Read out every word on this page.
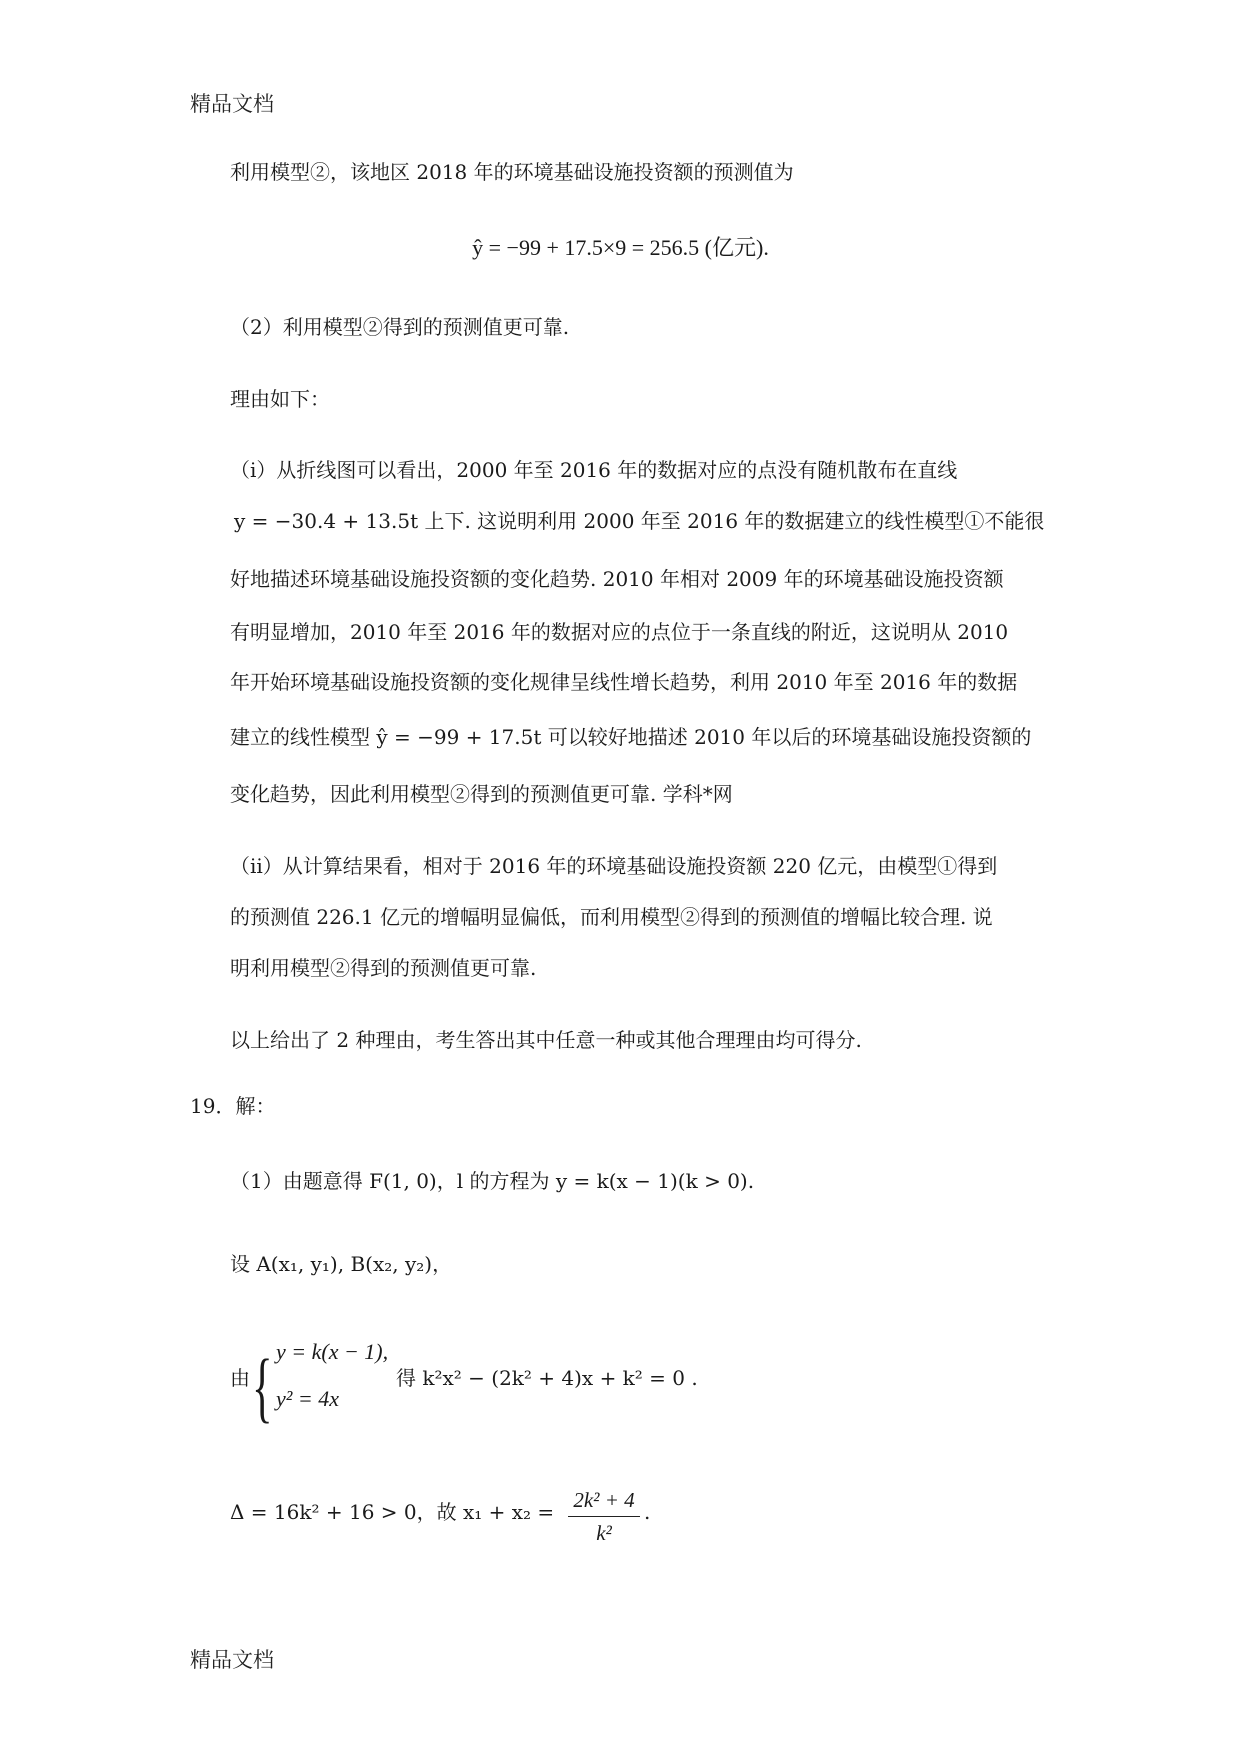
精品文档
利用模型②，该地区 2018 年的环境基础设施投资额的预测值为
ŷ = −99 + 17.5×9 = 256.5 (亿元).
（2）利用模型②得到的预测值更可靠.
理由如下：
（ⅰ）从折线图可以看出，2000 年至 2016 年的数据对应的点没有随机散布在直线
y = −30.4 + 13.5t 上下. 这说明利用 2000 年至 2016 年的数据建立的线性模型①不能很
好地描述环境基础设施投资额的变化趋势. 2010 年相对 2009 年的环境基础设施投资额
有明显增加，2010 年至 2016 年的数据对应的点位于一条直线的附近，这说明从 2010
年开始环境基础设施投资额的变化规律呈线性增长趋势，利用 2010 年至 2016 年的数据
建立的线性模型 ŷ = −99 + 17.5t 可以较好地描述 2010 年以后的环境基础设施投资额的
变化趋势，因此利用模型②得到的预测值更可靠. 学科*网
（ⅱ）从计算结果看，相对于 2016 年的环境基础设施投资额 220 亿元，由模型①得到
的预测值 226.1 亿元的增幅明显偏低，而利用模型②得到的预测值的增幅比较合理. 说
明利用模型②得到的预测值更可靠.
以上给出了 2 种理由，考生答出其中任意一种或其他合理理由均可得分.
19．解：
（1）由题意得 F(1, 0)，l 的方程为 y = k(x − 1)(k > 0).
设 A(x₁, y₁), B(x₂, y₂)，
由 { y = k(x − 1),
y² = 4x
得 k²x² − (2k² + 4)x + k² = 0 .
Δ = 16k² + 16 > 0，故 x₁ + x₂ = 2k² + 4
k²
.
精品文档
